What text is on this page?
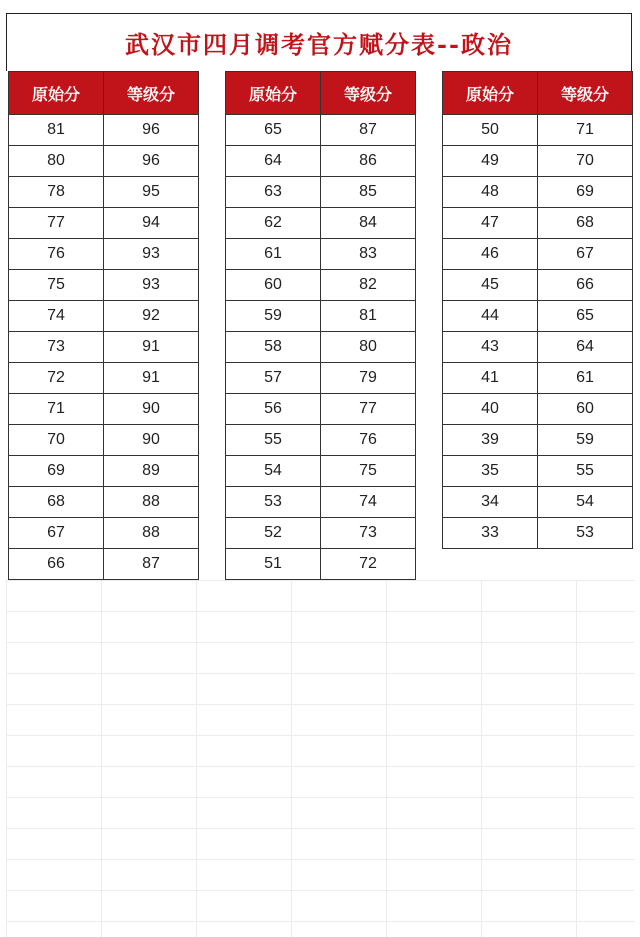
武汉市四月调考官方赋分表--政治
原始分	等级分
81	96
80	96
78	95
77	94
76	93
75	93
74	92
73	91
72	91
71	90
70	90
69	89
68	88
67	88
66	87
原始分	等级分
65	87
64	86
63	85
62	84
61	83
60	82
59	81
58	80
57	79
56	77
55	76
54	75
53	74
52	73
51	72
原始分	等级分
50	71
49	70
48	69
47	68
46	67
45	66
44	65
43	64
41	61
40	60
39	59
35	55
34	54
33	53
